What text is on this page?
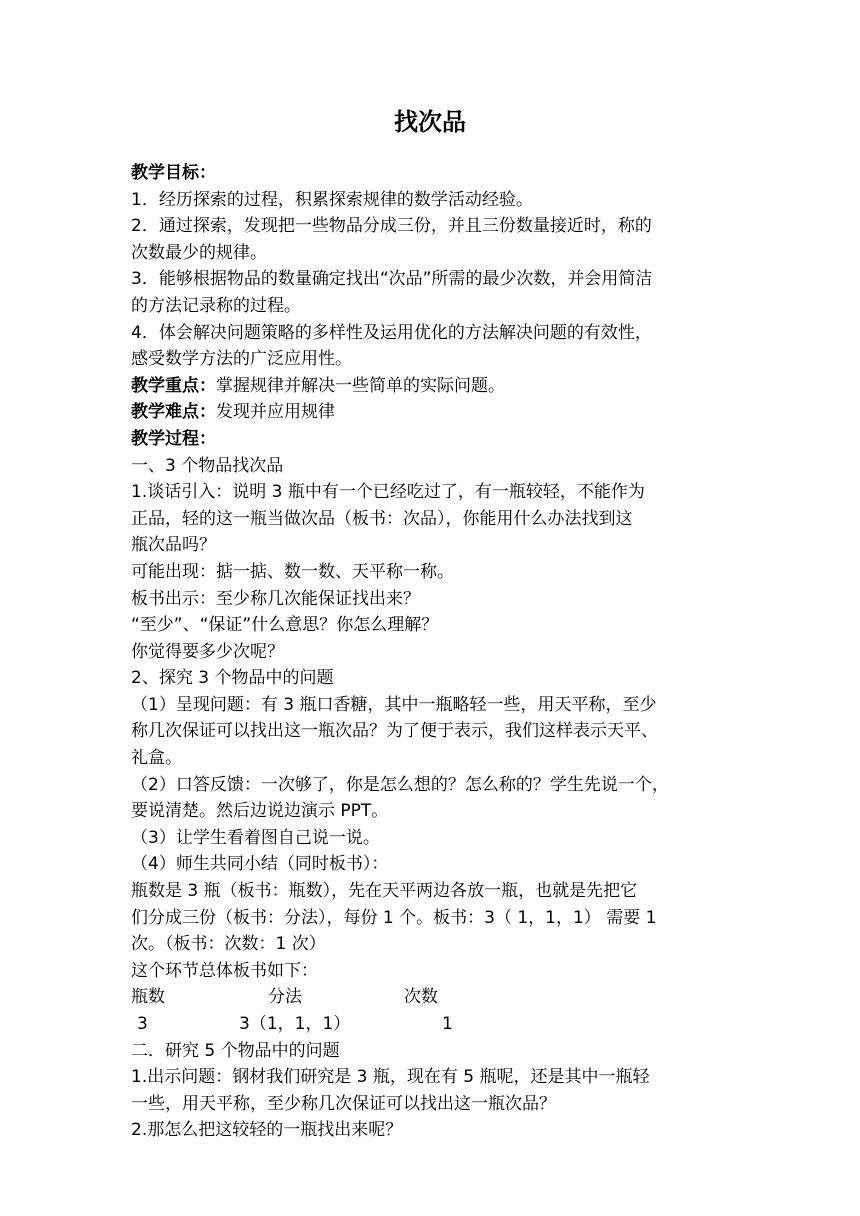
找次品
教学目标：
1．经历探索的过程，积累探索规律的数学活动经验。
2．通过探索，发现把一些物品分成三份，并且三份数量接近时，称的
次数最少的规律。
3．能够根据物品的数量确定找出“次品”所需的最少次数，并会用简洁
的方法记录称的过程。
4．体会解决问题策略的多样性及运用优化的方法解决问题的有效性，
感受数学方法的广泛应用性。
教学重点：掌握规律并解决一些简单的实际问题。
教学难点：发现并应用规律
教学过程：
一、3 个物品找次品
1.谈话引入：说明 3 瓶中有一个已经吃过了，有一瓶较轻，不能作为
正品，轻的这一瓶当做次品（板书：次品），你能用什么办法找到这
瓶次品吗？
可能出现：掂一掂、数一数、天平称一称。
板书出示：至少称几次能保证找出来？
“至少”、“保证”什么意思？你怎么理解？
你觉得要多少次呢？
2、探究 3 个物品中的问题
（1）呈现问题：有 3 瓶口香糖，其中一瓶略轻一些，用天平称，至少
称几次保证可以找出这一瓶次品？为了便于表示，我们这样表示天平、
礼盒。
（2）口答反馈：一次够了，你是怎么想的？怎么称的？学生先说一个，
要说清楚。然后边说边演示 PPT。
（3）让学生看着图自己说一说。
（4）师生共同小结（同时板书）：
瓶数是 3 瓶（板书：瓶数），先在天平两边各放一瓶，也就是先把它
们分成三份（板书：分法），每份 1 个。板书：3（ 1，1，1） 需要 1
次。（板书：次数：1 次）
这个环节总体板书如下：
瓶数	分法	次数
3	3（1，1，1）	1
二．研究 5 个物品中的问题
1.出示问题：钢材我们研究是 3 瓶，现在有 5 瓶呢，还是其中一瓶轻
一些，用天平称，至少称几次保证可以找出这一瓶次品？
2.那怎么把这较轻的一瓶找出来呢？
